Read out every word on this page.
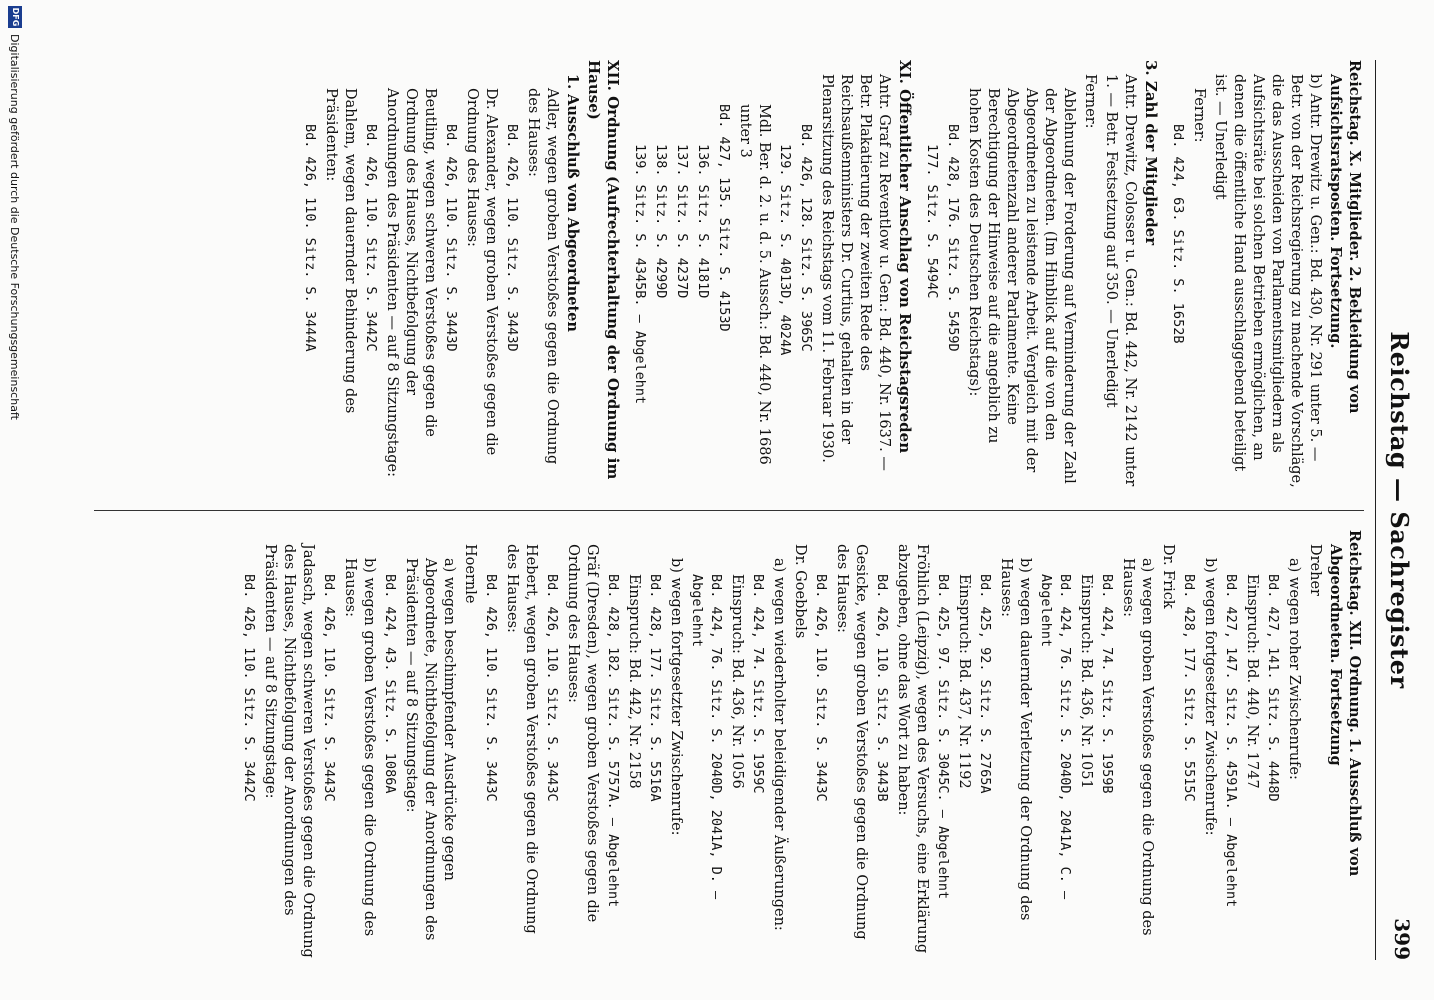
Reichstag — Sachregister
399

Reichstag. X. Mitglieder. 2. Bekleidung von Aufsichtsratsposten. Fortsetzung.

b) Antr. Drewitz u. Gen.: Bd. 430, Nr. 291 unter 5. — Betr. von der Reichsregierung zu machende Vorschläge, die das Ausscheiden von Parlamentsmitgliedern als Aufsichtsräte bei solchen Betrieben ermöglichen, an denen die öffentliche Hand ausschlaggebend beteiligt ist. — Unerledigt

Ferner:

Bd. 424, 63. Sitz. S. 1652B

3. Zahl der Mitglieder

Antr. Drewitz, Colosser u. Gen.: Bd. 442, Nr. 2142 unter 1. — Betr. Festsetzung auf 350. — Unerledigt

Ferner:

Ablehnung der Forderung auf Verminderung der Zahl der Abgeordneten. (Im Hinblick auf die von den Abgeordneten zu leistende Arbeit. Vergleich mit der Abgeordnetenzahl anderer Parlamente. Keine Berechtigung der Hinweise auf die angeblich zu hohen Kosten des Deutschen Reichstags):

Bd. 428, 176. Sitz. S. 5459D

177. Sitz. S. 5494C

XI. Öffentlicher Anschlag von Reichstagsreden

Antr. Graf zu Reventlow u. Gen.: Bd. 440, Nr. 1637. — Betr. Plakatierung der zweiten Rede des Reichsaußenministers Dr. Curtius, gehalten in der Plenarsitzung des Reichstags vom 11. Februar 1930.

Bd. 426, 128. Sitz. S. 3965C

129. Sitz. S. 4013D, 4024A

Mdl. Ber. d. 2. u. d. 5. Aussch.: Bd. 440, Nr. 1686 unter 3

Bd. 427, 135. Sitz. S. 4153D

136. Sitz. S. 4181D

137. Sitz. S. 4237D

138. Sitz. S. 4299D

139. Sitz. S. 4345B. — Abgelehnt

XII. Ordnung (Aufrechterhaltung der Ordnung im Hause)

1. Ausschluß von Abgeordneten

Adler, wegen groben Verstoßes gegen die Ordnung des Hauses:

Bd. 426, 110. Sitz. S. 3443D

Dr. Alexander, wegen groben Verstoßes gegen die Ordnung des Hauses:

Bd. 426, 110. Sitz. S. 3443D

Beutling, wegen schweren Verstoßes gegen die Ordnung des Hauses, Nichtbefolgung der Anordnungen des Präsidenten — auf 8 Sitzungstage:

Bd. 426, 110. Sitz. S. 3442C

Dahlem, wegen dauernder Behinderung des Präsidenten:

Bd. 426, 110. Sitz. S. 3444A

Reichstag. XII. Ordnung. 1. Ausschluß von Abgeordneten. Fortsetzung

Dreher

a) wegen roher Zwischenrufe:

Bd. 427, 141. Sitz. S. 4448D

Einspruch: Bd. 440, Nr. 1747

Bd. 427, 147. Sitz. S. 4591A. — Abgelehnt

b) wegen fortgesetzter Zwischenrufe:

Bd. 428, 177. Sitz. S. 5515C

Dr. Frick

a) wegen groben Verstoßes gegen die Ordnung des Hauses:

Bd. 424, 74. Sitz. S. 1959B

Einspruch: Bd. 436, Nr. 1051

Bd. 424, 76. Sitz. S. 2040D, 2041A, C. — Abgelehnt

b) wegen dauernder Verletzung der Ordnung des Hauses:

Bd. 425, 92. Sitz. S. 2765A

Einspruch: Bd. 437, Nr. 1192

Bd. 425, 97. Sitz. S. 3045C. — Abgelehnt

Fröhlich (Leipzig), wegen des Versuchs, eine Erklärung abzugeben, ohne das Wort zu haben:

Bd. 426, 110. Sitz. S. 3443B

Gesicke, wegen groben Verstoßes gegen die Ordnung des Hauses:

Bd. 426, 110. Sitz. S. 3443C

Dr. Goebbels

a) wegen wiederholter beleidigender Äußerungen:

Bd. 424, 74. Sitz. S. 1959C

Einspruch: Bd. 436, Nr. 1056

Bd. 424, 76. Sitz. S. 2040D, 2041A, D. — Abgelehnt

b) wegen fortgesetzter Zwischenrufe:

Bd. 428, 177. Sitz. S. 5516A

Einspruch: Bd. 442, Nr. 2158

Bd. 428, 182. Sitz. S. 5757A. — Abgelehnt

Gräf (Dresden), wegen groben Verstoßes gegen die Ordnung des Hauses:

Bd. 426, 110. Sitz. S. 3443C

Hebert, wegen groben Verstoßes gegen die Ordnung des Hauses:

Bd. 426, 110. Sitz. S. 3443C

Hoernle

a) wegen beschimpfender Ausdrücke gegen Abgeordnete, Nichtbefolgung der Anordnungen des Präsidenten — auf 8 Sitzungstage:

Bd. 424, 43. Sitz. S. 1086A

b) wegen groben Verstoßes gegen die Ordnung des Hauses:

Bd. 426, 110. Sitz. S. 3443C

Jadasch, wegen schweren Verstoßes gegen die Ordnung des Hauses, Nichtbefolgung der Anordnungen des Präsidenten — auf 8 Sitzungstage:

Bd. 426, 110. Sitz. S. 3442C

DFG
Digitalisierung gefördert durch die Deutsche Forschungsgemeinschaft
